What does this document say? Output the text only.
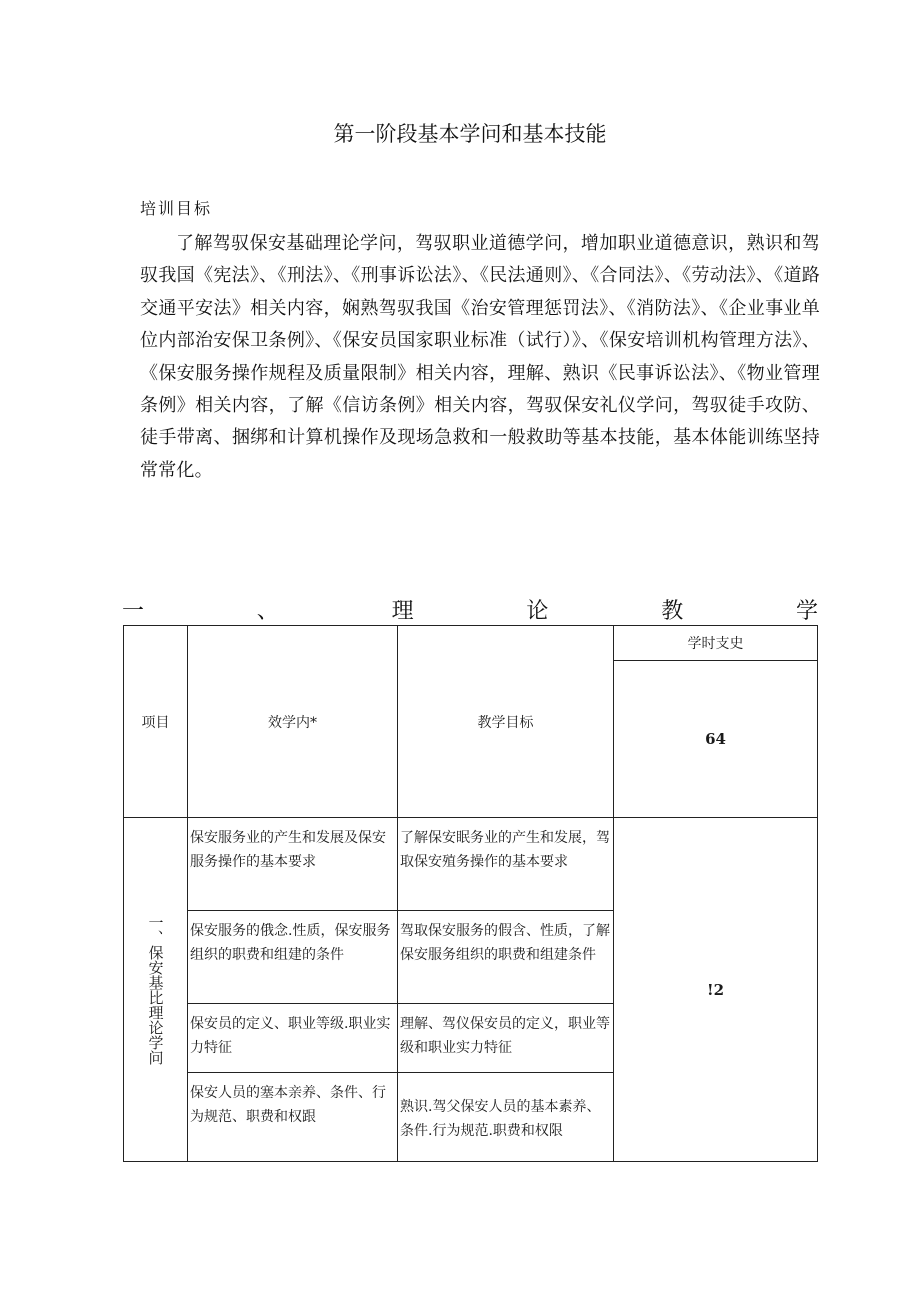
第一阶段基本学问和基本技能
培训目标
了解驾驭保安基础理论学问，驾驭职业道德学问，增加职业道德意识，熟识和驾驭我国《宪法》、《刑法》、《刑事诉讼法》、《民法通则》、《合同法》、《劳动法》、《道路交通平安法》相关内容，娴熟驾驭我国《治安管理惩罚法》、《消防法》、《企业事业单位内部治安保卫条例》、《保安员国家职业标准（试行）》、《保安培训机构管理方法》、《保安服务操作规程及质量限制》相关内容，理解、熟识《民事诉讼法》、《物业管理条例》相关内容，了解《信访条例》相关内容，驾驭保安礼仪学问，驾驭徒手攻防、徒手带离、捆绑和计算机操作及现场急救和一般救助等基本技能，基本体能训练坚持常常化。
一	、	理	论	教	学
项目	效学内*	教学目标	学时支史
			64

一、保安基比理论学问	保安服务业的产生和发展及保安服务操作的基本要求	了解保安眠务业的产生和发展，驾取保安殖务操作的基本要求	!2
	保安服务的俄念.性质，保安服务组织的职费和组建的条件	驾取保安服务的假含、性质，了解保安服务组织的职费和组建条件	
	保安员的定义、职业等级.职业实力特征	理解、驾仪保安员的定义，职业等级和职业实力特征	
	保安人员的塞本亲养、条件、行为规范、职费和权跟	熟识.驾父保安人员的基本素养、条件.行为规范.职费和权限	
